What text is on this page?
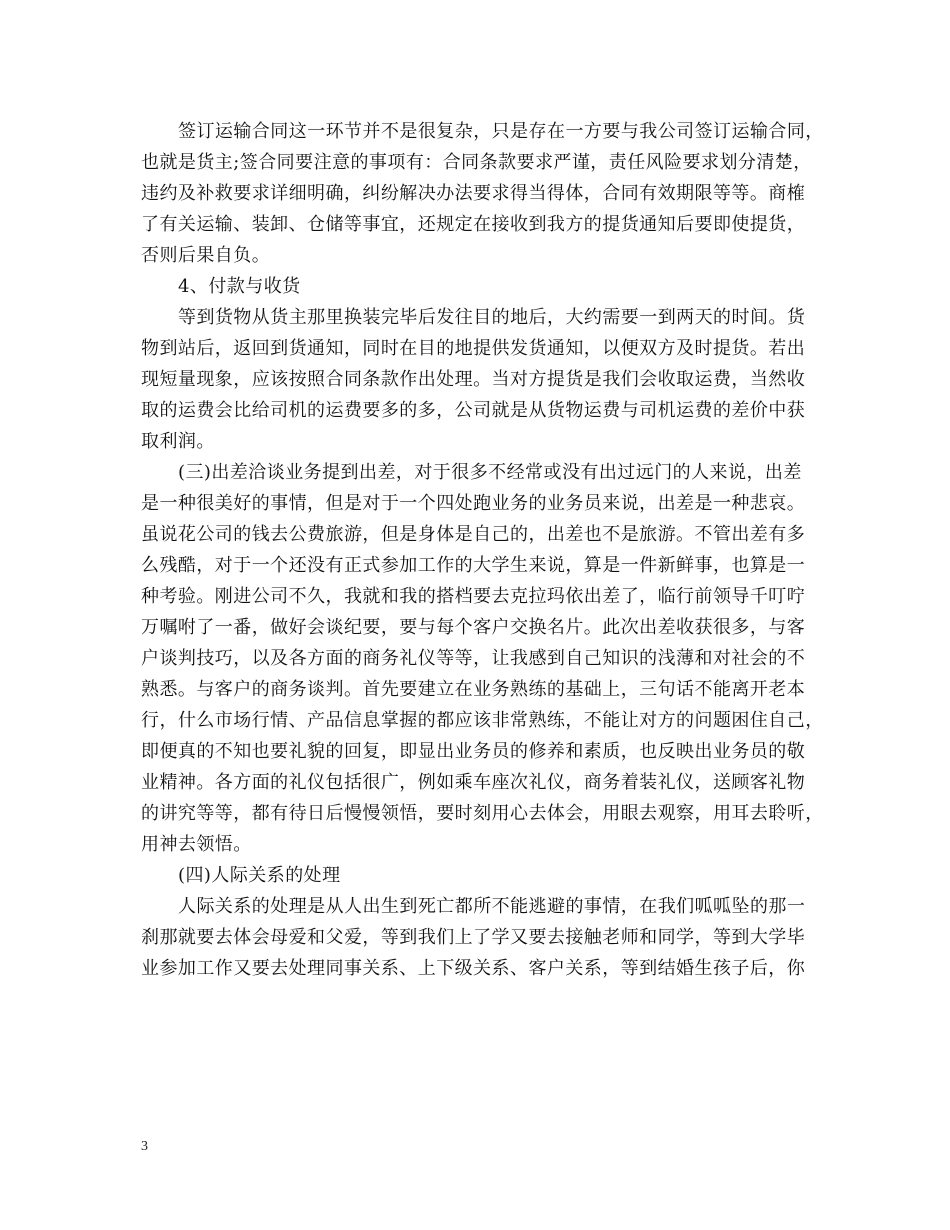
签订运输合同这一环节并不是很复杂，只是存在一方要与我公司签订运输合同，
也就是货主;签合同要注意的事项有：合同条款要求严谨，责任风险要求划分清楚，
违约及补救要求详细明确，纠纷解决办法要求得当得体，合同有效期限等等。商榷
了有关运输、装卸、仓储等事宜，还规定在接收到我方的提货通知后要即使提货，
否则后果自负。
4、付款与收货
等到货物从货主那里换装完毕后发往目的地后，大约需要一到两天的时间。货
物到站后，返回到货通知，同时在目的地提供发货通知，以便双方及时提货。若出
现短量现象，应该按照合同条款作出处理。当对方提货是我们会收取运费，当然收
取的运费会比给司机的运费要多的多，公司就是从货物运费与司机运费的差价中获
取利润。
(三)出差洽谈业务提到出差，对于很多不经常或没有出过远门的人来说，出差
是一种很美好的事情，但是对于一个四处跑业务的业务员来说，出差是一种悲哀。
虽说花公司的钱去公费旅游，但是身体是自己的，出差也不是旅游。不管出差有多
么残酷，对于一个还没有正式参加工作的大学生来说，算是一件新鲜事，也算是一
种考验。刚进公司不久，我就和我的搭档要去克拉玛依出差了，临行前领导千叮咛
万嘱咐了一番，做好会谈纪要，要与每个客户交换名片。此次出差收获很多，与客
户谈判技巧，以及各方面的商务礼仪等等，让我感到自己知识的浅薄和对社会的不
熟悉。与客户的商务谈判。首先要建立在业务熟练的基础上，三句话不能离开老本
行，什么市场行情、产品信息掌握的都应该非常熟练，不能让对方的问题困住自己，
即便真的不知也要礼貌的回复，即显出业务员的修养和素质，也反映出业务员的敬
业精神。各方面的礼仪包括很广，例如乘车座次礼仪，商务着装礼仪，送顾客礼物
的讲究等等，都有待日后慢慢领悟，要时刻用心去体会，用眼去观察，用耳去聆听，
用神去领悟。
(四)人际关系的处理
人际关系的处理是从人出生到死亡都所不能逃避的事情，在我们呱呱坠的那一
刹那就要去体会母爱和父爱，等到我们上了学又要去接触老师和同学，等到大学毕
业参加工作又要去处理同事关系、上下级关系、客户关系，等到结婚生孩子后，你
3
